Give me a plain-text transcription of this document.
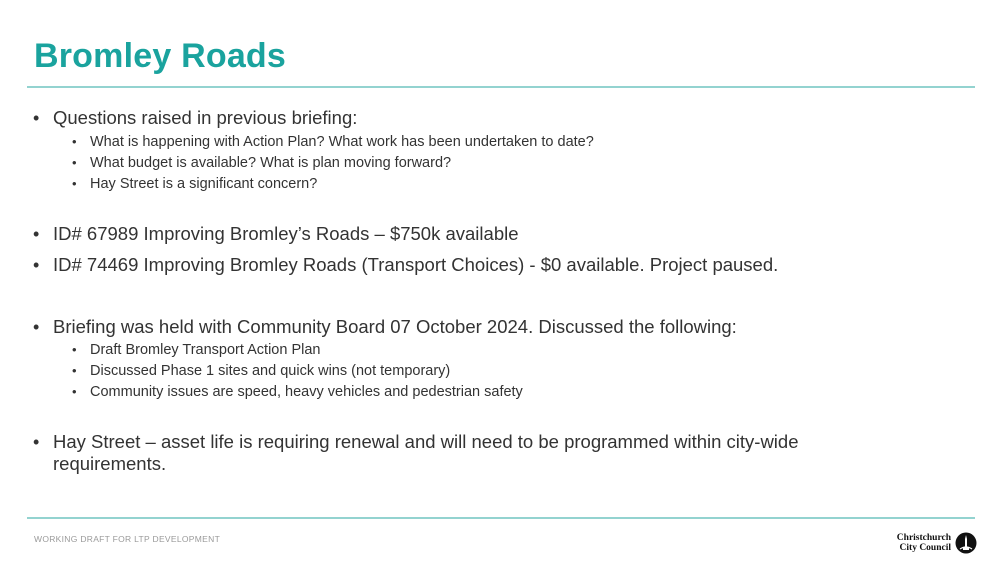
Bromley Roads
• Questions raised in previous briefing:
• What is happening with Action Plan? What work has been undertaken to date?
• What budget is available? What is plan moving forward?
• Hay Street is a significant concern?
• ID# 67989 Improving Bromley’s Roads – $750k available
• ID# 74469 Improving Bromley Roads (Transport Choices) - $0 available. Project paused.
• Briefing was held with Community Board 07 October 2024. Discussed the following:
• Draft Bromley Transport Action Plan
• Discussed Phase 1 sites and quick wins (not temporary)
• Community issues are speed, heavy vehicles and pedestrian safety
• Hay Street – asset life is requiring renewal and will need to be programmed within city-wide requirements.
WORKING DRAFT FOR LTP DEVELOPMENT	Christchurch
City Council
